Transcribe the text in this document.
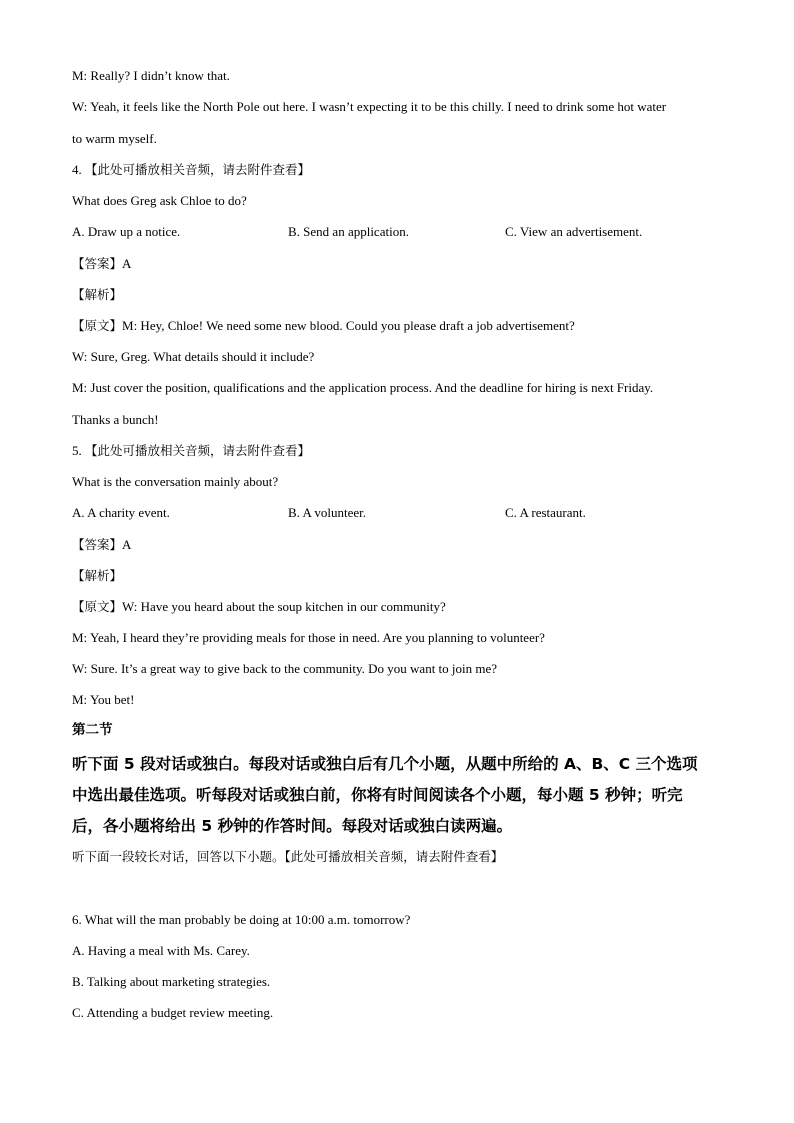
M: Really? I didn’t know that.
W: Yeah, it feels like the North Pole out here. I wasn’t expecting it to be this chilly. I need to drink some hot water
to warm myself.
4. 【此处可播放相关音频，请去附件查看】
What does Greg ask Chloe to do?
A. Draw up a notice.	B. Send an application.	C. View an advertisement.
【答案】A
【解析】
【原文】M: Hey, Chloe! We need some new blood. Could you please draft a job advertisement?
W: Sure, Greg. What details should it include?
M: Just cover the position, qualifications and the application process. And the deadline for hiring is next Friday.
Thanks a bunch!
5. 【此处可播放相关音频，请去附件查看】
What is the conversation mainly about?
A. A charity event.	B. A volunteer.	C. A restaurant.
【答案】A
【解析】
【原文】W: Have you heard about the soup kitchen in our community?
M: Yeah, I heard they’re providing meals for those in need. Are you planning to volunteer?
W: Sure. It’s a great way to give back to the community. Do you want to join me?
M: You bet!
第二节
听下面 5 段对话或独白。每段对话或独白后有几个小题，从题中所给的 A、B、C 三个选项
中选出最佳选项。听每段对话或独白前，你将有时间阅读各个小题，每小题 5 秒钟；听完
后，各小题将给出 5 秒钟的作答时间。每段对话或独白读两遍。
听下面一段较长对话，回答以下小题。【此处可播放相关音频，请去附件查看】
6. What will the man probably be doing at 10:00 a.m. tomorrow?
A. Having a meal with Ms. Carey.
B. Talking about marketing strategies.
C. Attending a budget review meeting.
